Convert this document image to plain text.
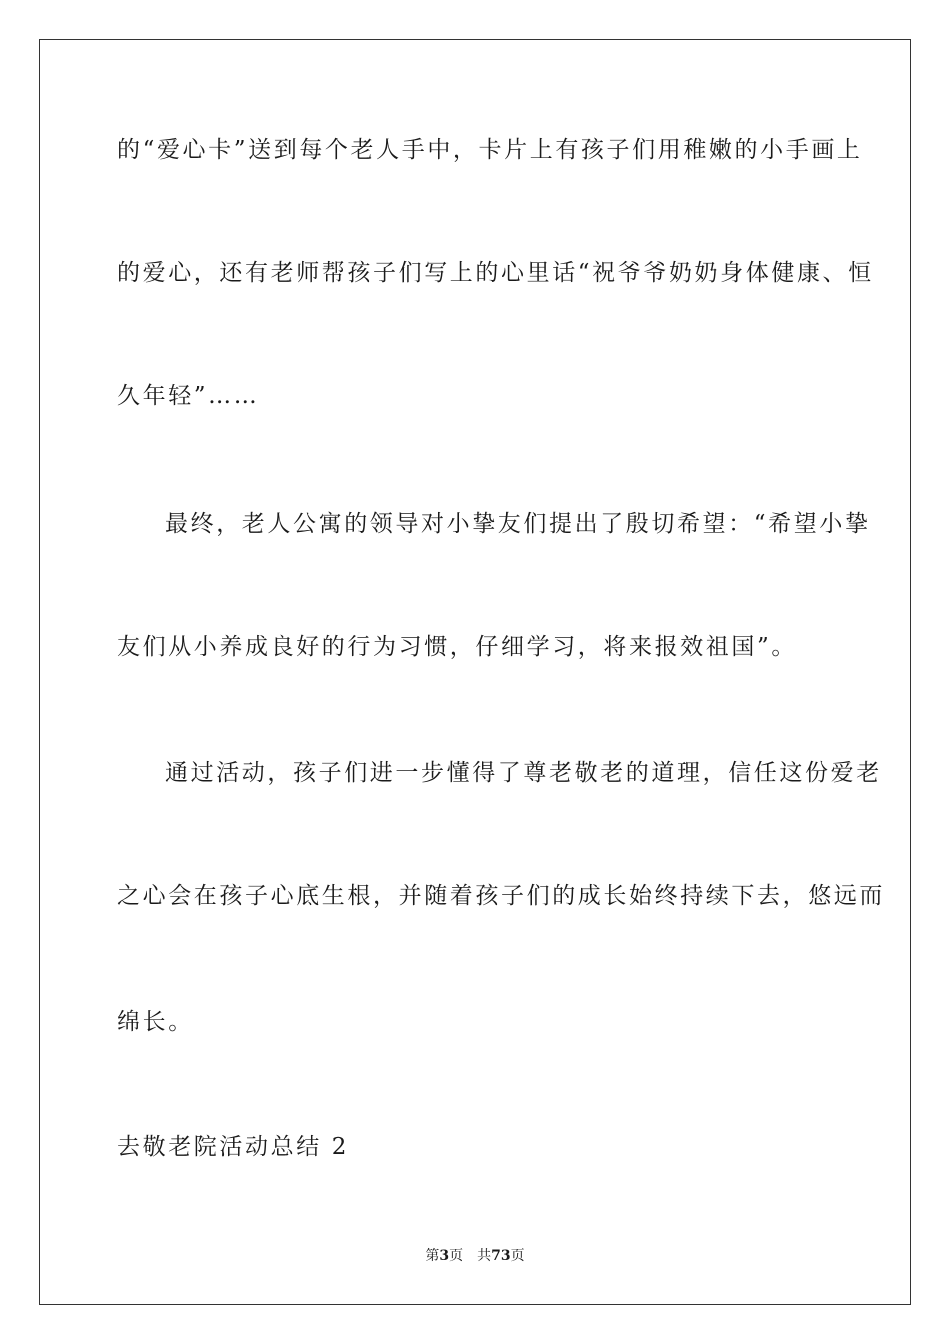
的“爱心卡”送到每个老人手中，卡片上有孩子们用稚嫩的小手画上
的爱心，还有老师帮孩子们写上的心里话“祝爷爷奶奶身体健康、恒
久年轻”……
最终，老人公寓的领导对小挚友们提出了殷切希望：“希望小挚
友们从小养成良好的行为习惯，仔细学习，将来报效祖国”。
通过活动，孩子们进一步懂得了尊老敬老的道理，信任这份爱老
之心会在孩子心底生根，并随着孩子们的成长始终持续下去，悠远而
绵长。
去敬老院活动总结 2
第3页 共73页
